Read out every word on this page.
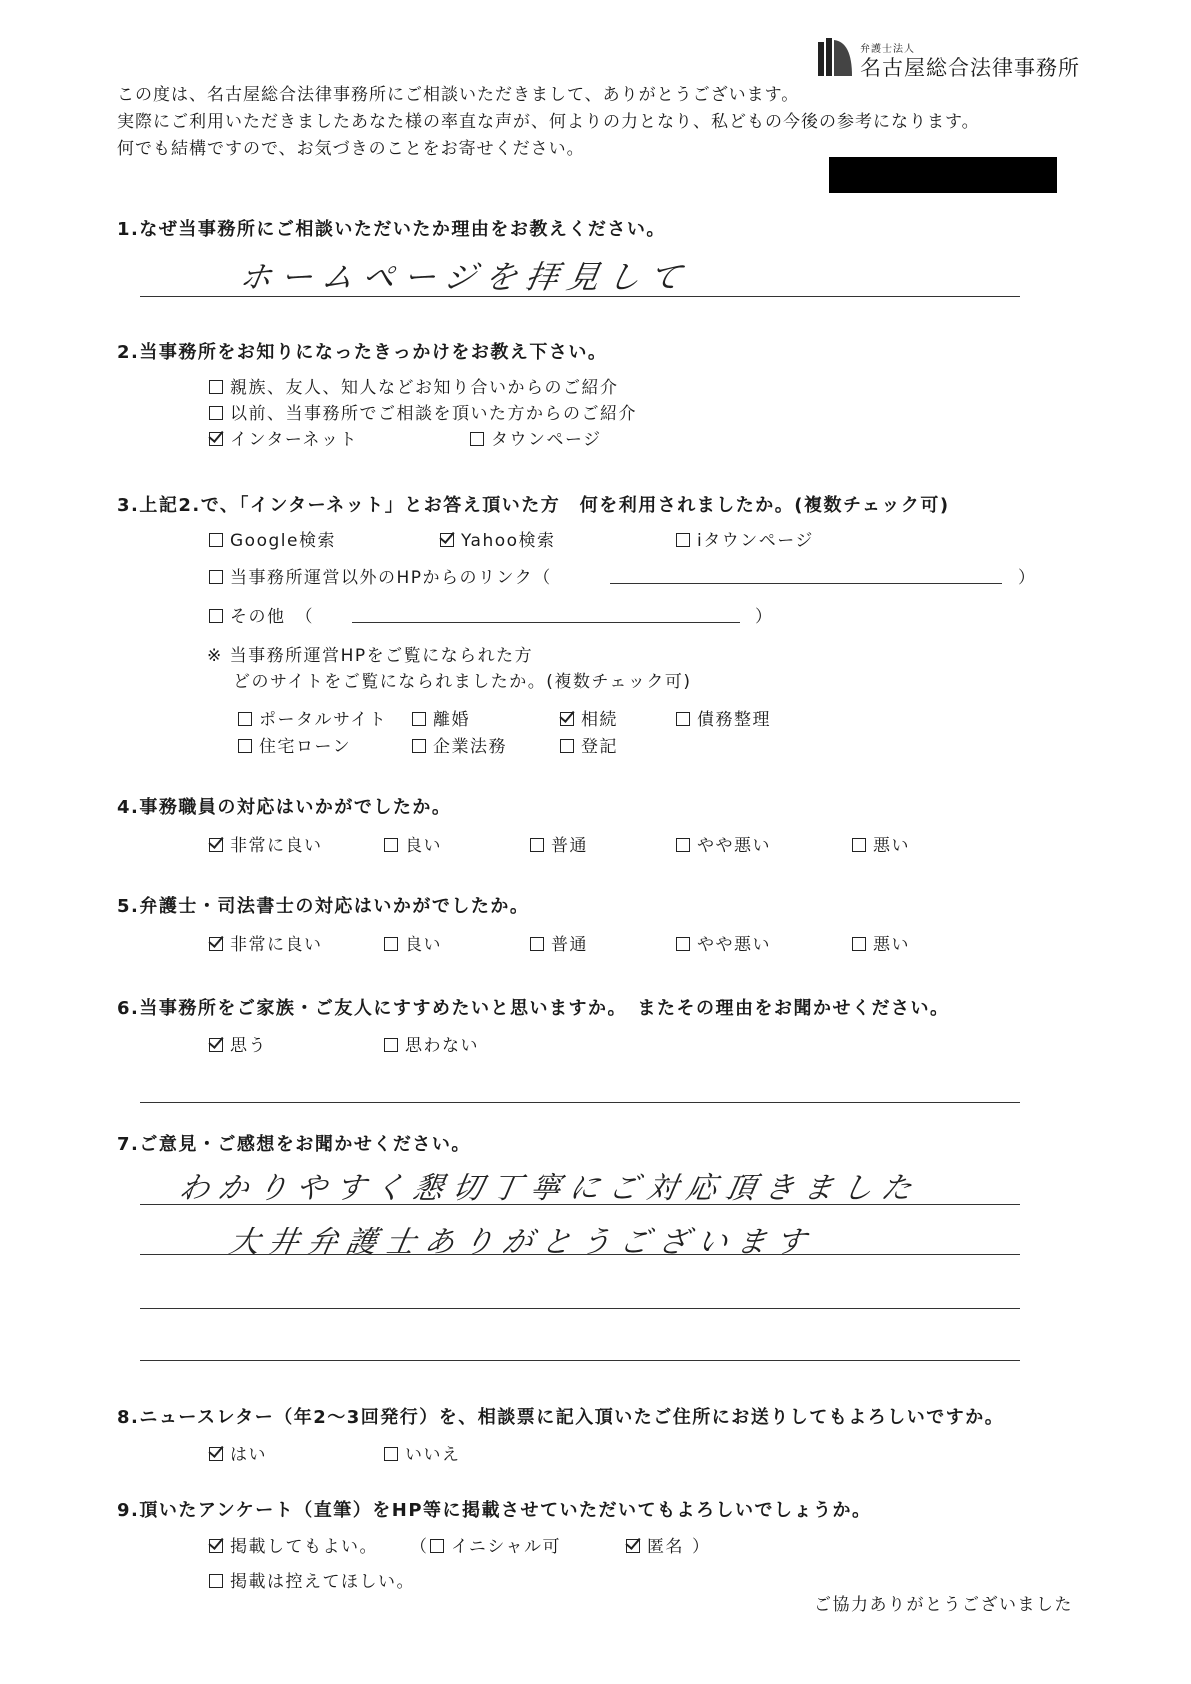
弁護士法人
名古屋総合法律事務所
この度は、名古屋総合法律事務所にご相談いただきまして、ありがとうございます。
実際にご利用いただきましたあなた様の率直な声が、何よりの力となり、私どもの今後の参考になります。
何でも結構ですので、お気づきのことをお寄せください。
1.なぜ当事務所にご相談いただいたか理由をお教えください。
ホームページを拝見して
2.当事務所をお知りになったきっかけをお教え下さい。
親族、友人、知人などお知り合いからのご紹介
以前、当事務所でご相談を頂いた方からのご紹介
インターネット	タウンページ
3.上記2.で、「インターネット」とお答え頂いた方　何を利用されましたか。(複数チェック可)
Google検索	Yahoo検索	iタウンページ
当事務所運営以外のHPからのリンク（	）
その他　（	）
※ 当事務所運営HPをご覧になられた方
どのサイトをご覧になられましたか。(複数チェック可)
ポータルサイト	離婚	相続	債務整理
住宅ローン	企業法務	登記
4.事務職員の対応はいかがでしたか。
非常に良い	良い	普通	やや悪い	悪い
5.弁護士・司法書士の対応はいかがでしたか。
非常に良い	良い	普通	やや悪い	悪い
6.当事務所をご家族・ご友人にすすめたいと思いますか。　またその理由をお聞かせください。
思う	思わない
7.ご意見・ご感想をお聞かせください。
わかりやすく懇切丁寧にご対応頂きました
大井弁護士ありがとうございます
8.ニュースレター（年2～3回発行）を、相談票に記入頂いたご住所にお送りしてもよろしいですか。
はい	いいえ
9.頂いたアンケート（直筆）をHP等に掲載させていただいてもよろしいでしょうか。
掲載してもよい。 （	イニシャル可	匿名 ）
掲載は控えてほしい。
ご協力ありがとうございました
